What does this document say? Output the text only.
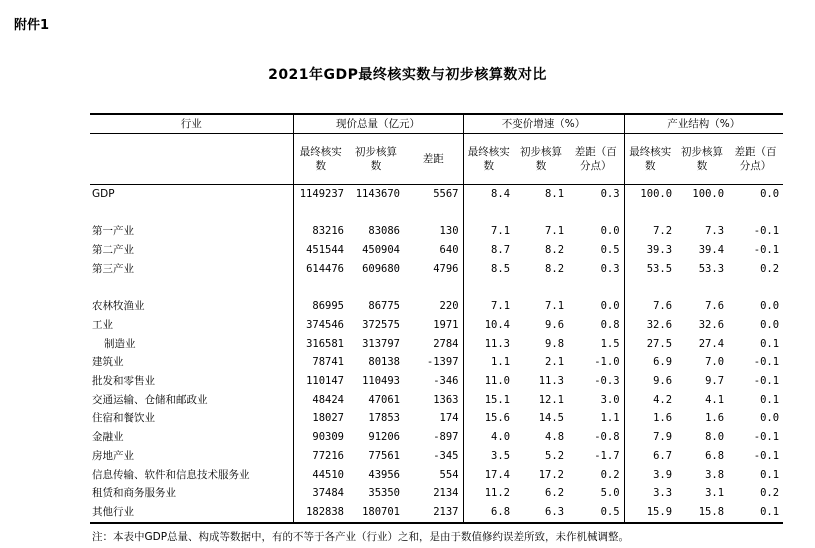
附件1
2021年GDP最终核实数与初步核算数对比
行业	现价总量（亿元）			不变价增速（%）			产业结构（%）		
	最终核实数	初步核算数	差距	最终核实数	初步核算数	差距（百分点）	最终核实数	初步核算数	差距（百分点）
GDP	1149237	1143670	5567	8.4	8.1	0.3	100.0	100.0	0.0

第一产业	83216	83086	130	7.1	7.1	0.0	7.2	7.3	-0.1
第二产业	451544	450904	640	8.7	8.2	0.5	39.3	39.4	-0.1
第三产业	614476	609680	4796	8.5	8.2	0.3	53.5	53.3	0.2

农林牧渔业	86995	86775	220	7.1	7.1	0.0	7.6	7.6	0.0
工业	374546	372575	1971	10.4	9.6	0.8	32.6	32.6	0.0
制造业	316581	313797	2784	11.3	9.8	1.5	27.5	27.4	0.1
建筑业	78741	80138	-1397	1.1	2.1	-1.0	6.9	7.0	-0.1
批发和零售业	110147	110493	-346	11.0	11.3	-0.3	9.6	9.7	-0.1
交通运输、仓储和邮政业	48424	47061	1363	15.1	12.1	3.0	4.2	4.1	0.1
住宿和餐饮业	18027	17853	174	15.6	14.5	1.1	1.6	1.6	0.0
金融业	90309	91206	-897	4.0	4.8	-0.8	7.9	8.0	-0.1
房地产业	77216	77561	-345	3.5	5.2	-1.7	6.7	6.8	-0.1
信息传输、软件和信息技术服务业	44510	43956	554	17.4	17.2	0.2	3.9	3.8	0.1
租赁和商务服务业	37484	35350	2134	11.2	6.2	5.0	3.3	3.1	0.2
其他行业	182838	180701	2137	6.8	6.3	0.5	15.9	15.8	0.1
注：本表中GDP总量、构成等数据中，有的不等于各产业（行业）之和，是由于数值修约误差所致，未作机械调整。
